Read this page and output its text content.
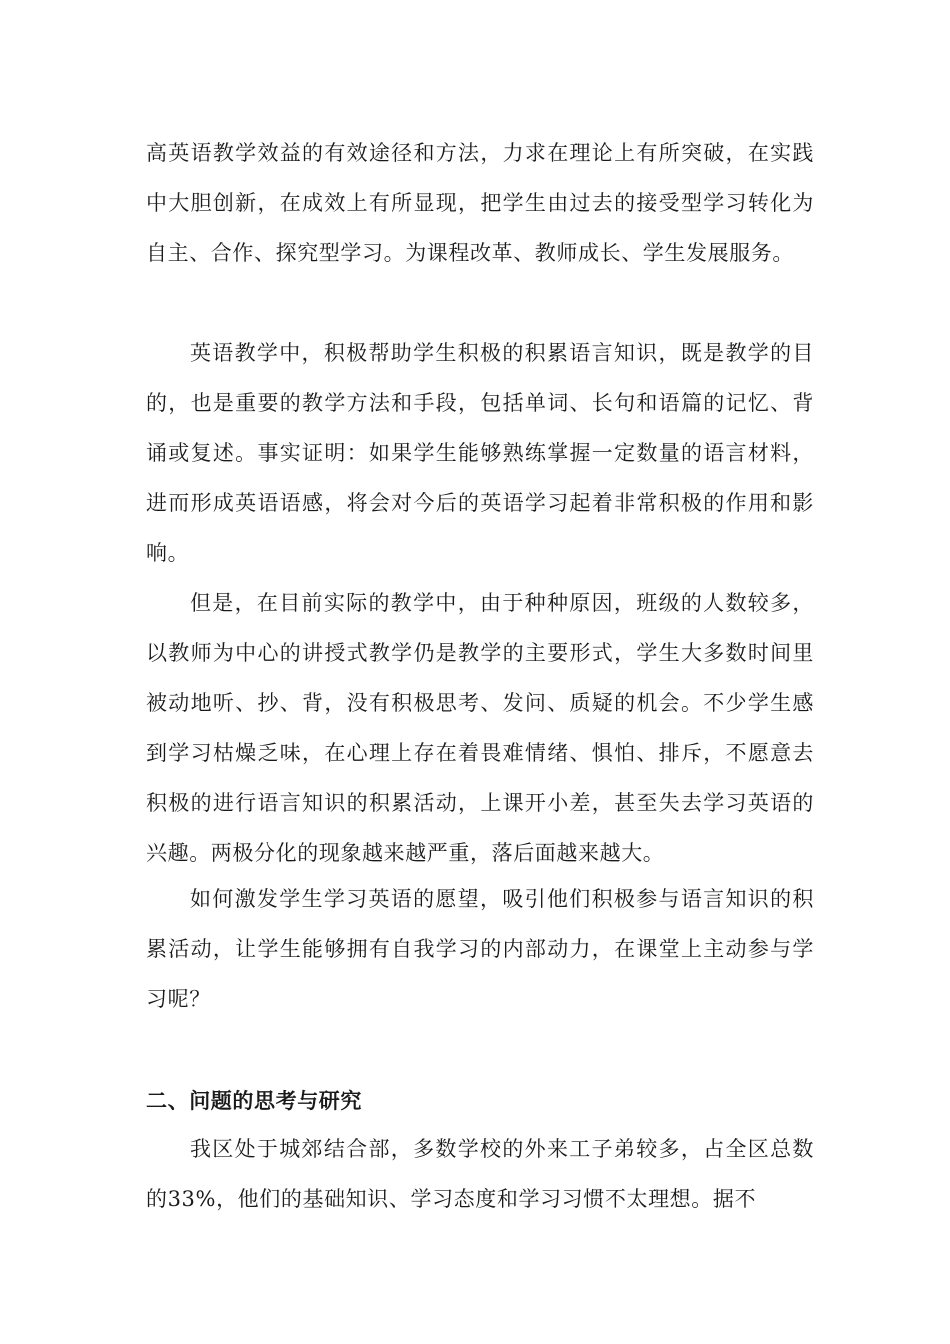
高英语教学效益的有效途径和方法，力求在理论上有所突破，在实践中大胆创新，在成效上有所显现，把学生由过去的接受型学习转化为自主、合作、探究型学习。为课程改革、教师成长、学生发展服务。

英语教学中，积极帮助学生积极的积累语言知识，既是教学的目的，也是重要的教学方法和手段，包括单词、长句和语篇的记忆、背诵或复述。事实证明：如果学生能够熟练掌握一定数量的语言材料，进而形成英语语感，将会对今后的英语学习起着非常积极的作用和影响。

但是，在目前实际的教学中，由于种种原因，班级的人数较多，以教师为中心的讲授式教学仍是教学的主要形式，学生大多数时间里被动地听、抄、背，没有积极思考、发问、质疑的机会。不少学生感到学习枯燥乏味，在心理上存在着畏难情绪、惧怕、排斥，不愿意去积极的进行语言知识的积累活动，上课开小差，甚至失去学习英语的兴趣。两极分化的现象越来越严重，落后面越来越大。

如何激发学生学习英语的愿望，吸引他们积极参与语言知识的积累活动，让学生能够拥有自我学习的内部动力，在课堂上主动参与学习呢？

二、问题的思考与研究

我区处于城郊结合部，多数学校的外来工子弟较多，占全区总数的33%，他们的基础知识、学习态度和学习习惯不太理想。据不
